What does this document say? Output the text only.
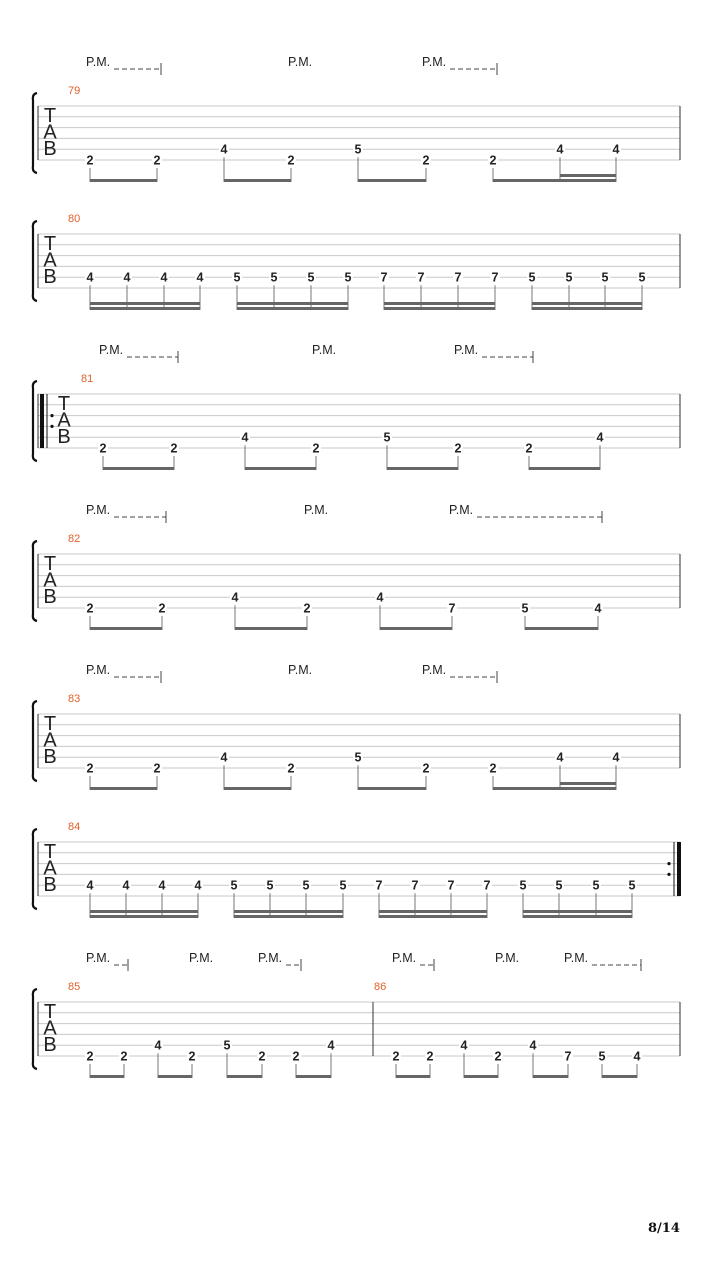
T
A
B
P.M.	P.M.	P.M.
79
2	2
4
2
5
2	2
4	4
T
A
B
80
4 4 4 4 5 5 5 5 7 7 7 7 5 5 5 5
T
A
B
P.M.	P.M.	P.M.
81
2	2
4
2
5
2	2
4
T
A
B
P.M.	P.M.	P.M.
82
2	2
4
2
4
7	5	4
T
A
B
P.M.	P.M.	P.M.
83
2	2
4
2
5
2	2
4	4
T
A
B
84
4 4 4 4 5 5 5 5 7 7 7 7 5 5 5 5
T
A
B
P.M.	P.M.	P.M.	P.M.	P.M.	P.M.
85
2 2
4
2
5
2 2
4
86
2 2
4
2
4
7 5 4
8/14
